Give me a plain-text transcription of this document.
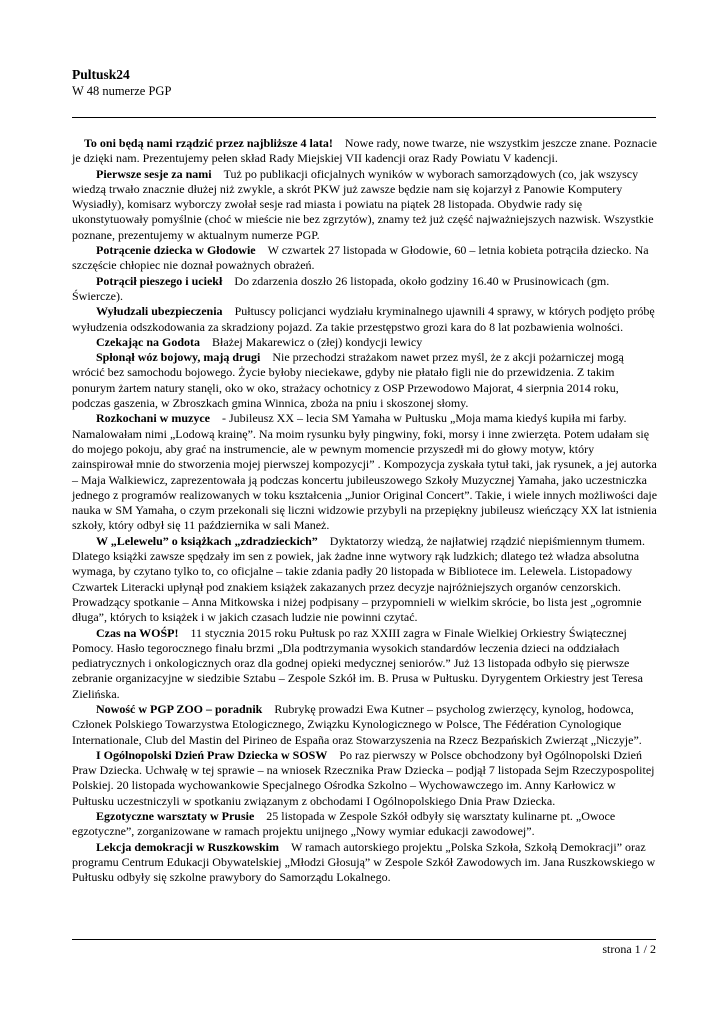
Pultusk24
W 48 numerze PGP

To oni będą nami rządzić przez najbliższe 4 lata! Nowe rady, nowe twarze, nie wszystkim jeszcze znane. Poznacie je dzięki nam. Prezentujemy pełen skład Rady Miejskiej VII kadencji oraz Rady Powiatu V kadencji.

Pierwsze sesje za nami Tuż po publikacji oficjalnych wyników w wyborach samorządowych (co, jak wszyscy wiedzą trwało znacznie dłużej niż zwykle, a skrót PKW już zawsze będzie nam się kojarzył z Panowie Komputery Wysiadły), komisarz wyborczy zwołał sesje rad miasta i powiatu na piątek 28 listopada. Obydwie rady się ukonstytuowały pomyślnie (choć w mieście nie bez zgrzytów), znamy też już część najważniejszych nazwisk. Wszystkie poznane, prezentujemy w aktualnym numerze PGP.

Potrącenie dziecka w Głodowie W czwartek 27 listopada w Głodowie, 60 – letnia kobieta potrąciła dziecko. Na szczęście chłopiec nie doznał poważnych obrażeń.

Potrącił pieszego i uciekł Do zdarzenia doszło 26 listopada, około godziny 16.40 w Prusinowicach (gm. Świercze).

Wyłudzali ubezpieczenia Pułtuscy policjanci wydziału kryminalnego ujawnili 4 sprawy, w których podjęto próbę wyłudzenia odszkodowania za skradziony pojazd. Za takie przestępstwo grozi kara do 8 lat pozbawienia wolności.

Czekając na Godota Błażej Makarewicz o (złej) kondycji lewicy

Spłonął wóz bojowy, mają drugi Nie przechodzi strażakom nawet przez myśl, że z akcji pożarniczej mogą wrócić bez samochodu bojowego. Życie byłoby nieciekawe, gdyby nie płatało figli nie do przewidzenia. Z takim ponurym żartem natury stanęli, oko w oko, strażacy ochotnicy z OSP Przewodowo Majorat, 4 sierpnia 2014 roku, podczas gaszenia, w Zbroszkach gmina Winnica, zboża na pniu i skoszonej słomy.

Rozkochani w muzyce - Jubileusz XX – lecia SM Yamaha w Pułtusku „Moja mama kiedyś kupiła mi farby. Namalowałam nimi „Lodową krainę”. Na moim rysunku były pingwiny, foki, morsy i inne zwierzęta. Potem udałam się do mojego pokoju, aby grać na instrumencie, ale w pewnym momencie przyszedł mi do głowy motyw, który zainspirował mnie do stworzenia mojej pierwszej kompozycji” . Kompozycja zyskała tytuł taki, jak rysunek, a jej autorka – Maja Walkiewicz, zaprezentowała ją podczas koncertu jubileuszowego Szkoły Muzycznej Yamaha, jako uczestniczka jednego z programów realizowanych w toku kształcenia „Junior Original Concert”. Takie, i wiele innych możliwości daje nauka w SM Yamaha, o czym przekonali się liczni widzowie przybyli na przepiękny jubileusz wieńczący XX lat istnienia szkoły, który odbył się 11 października w sali Maneż.

W „Lelewelu” o książkach „zdradzieckich” Dyktatorzy wiedzą, że najłatwiej rządzić niepiśmiennym tłumem. Dlatego książki zawsze spędzały im sen z powiek, jak żadne inne wytwory rąk ludzkich; dlatego też władza absolutna wymaga, by czytano tylko to, co oficjalne – takie zdania padły 20 listopada w Bibliotece im. Lelewela. Listopadowy Czwartek Literacki upłynął pod znakiem książek zakazanych przez decyzje najróżniejszych organów cenzorskich. Prowadzący spotkanie – Anna Mitkowska i niżej podpisany – przypomnieli w wielkim skrócie, bo lista jest „ogromnie długa”, których to książek i w jakich czasach ludzie nie powinni czytać.

Czas na WOŚP! 11 stycznia 2015 roku Pułtusk po raz XXIII zagra w Finale Wielkiej Orkiestry Świątecznej Pomocy. Hasło tegorocznego finału brzmi „Dla podtrzymania wysokich standardów leczenia dzieci na oddziałach pediatrycznych i onkologicznych oraz dla godnej opieki medycznej seniorów.” Już 13 listopada odbyło się pierwsze zebranie organizacyjne w siedzibie Sztabu – Zespole Szkół im. B. Prusa w Pułtusku. Dyrygentem Orkiestry jest Teresa Zielińska.

Nowość w PGP ZOO – poradnik Rubrykę prowadzi Ewa Kutner – psycholog zwierzęcy, kynolog, hodowca, Członek Polskiego Towarzystwa Etologicznego, Związku Kynologicznego w Polsce, The Fédération Cynologique Internationale, Club del Mastin del Pirineo de España oraz Stowarzyszenia na Rzecz Bezpańskich Zwierząt „Niczyje”.

I Ogólnopolski Dzień Praw Dziecka w SOSW Po raz pierwszy w Polsce obchodzony był Ogólnopolski Dzień Praw Dziecka. Uchwałę w tej sprawie – na wniosek Rzecznika Praw Dziecka – podjął 7 listopada Sejm Rzeczypospolitej Polskiej. 20 listopada wychowankowie Specjalnego Ośrodka Szkolno – Wychowawczego im. Anny Karłowicz w Pułtusku uczestniczyli w spotkaniu związanym z obchodami I Ogólnopolskiego Dnia Praw Dziecka.

Egzotyczne warsztaty w Prusie 25 listopada w Zespole Szkół odbyły się warsztaty kulinarne pt. „Owoce egzotyczne”, zorganizowane w ramach projektu unijnego „Nowy wymiar edukacji zawodowej”.

Lekcja demokracji w Ruszkowskim W ramach autorskiego projektu „Polska Szkoła, Szkołą Demokracji” oraz programu Centrum Edukacji Obywatelskiej „Młodzi Głosują” w Zespole Szkół Zawodowych im. Jana Ruszkowskiego w Pułtusku odbyły się szkolne prawybory do Samorządu Lokalnego.

strona 1 / 2
